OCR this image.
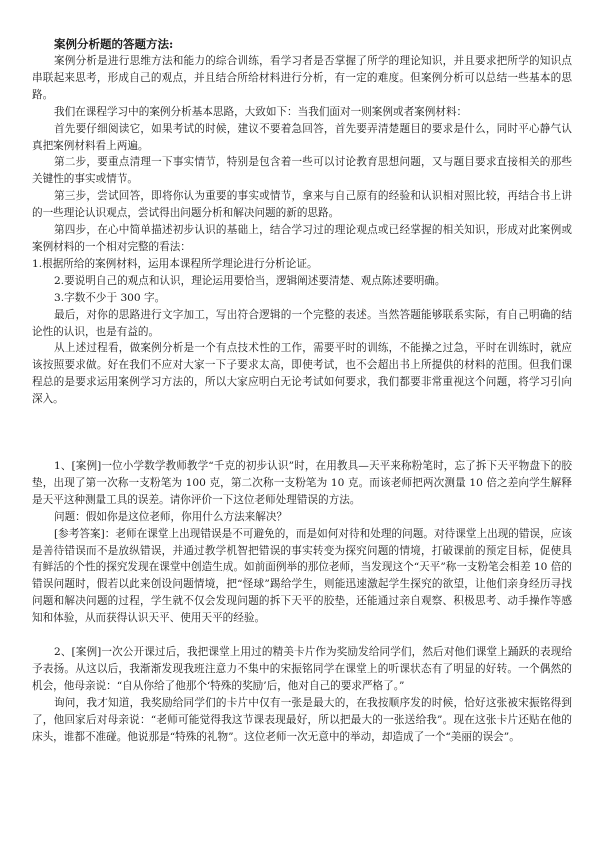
案例分析题的答题方法:

案例分析是进行思维方法和能力的综合训练，看学习者是否掌握了所学的理论知识，并且要求把所学的知识点串联起来思考，形成自己的观点，并且结合所给材料进行分析，有一定的难度。但案例分析可以总结一些基本的思路。

我们在课程学习中的案例分析基本思路，大致如下：当我们面对一则案例或者案例材料：

首先要仔细阅读它，如果考试的时候，建议不要着急回答，首先要弄清楚题目的要求是什么，同时平心静气认真把案例材料看上两遍。

第二步，要重点清理一下事实情节，特别是包含着一些可以讨论教育思想问题，又与题目要求直接相关的那些关键性的事实或情节。

第三步，尝试回答，即将你认为重要的事实或情节，拿来与自己原有的经验和认识相对照比较，再结合书上讲的一些理论认识观点，尝试得出问题分析和解决问题的新的思路。

第四步，在心中简单描述初步认识的基础上，结合学习过的理论观点或已经掌握的相关知识，形成对此案例或案例材料的一个相对完整的看法：

1.根据所给的案例材料，运用本课程所学理论进行分析论证。

2.要说明自己的观点和认识，理论运用要恰当，逻辑阐述要清楚、观点陈述要明确。

3.字数不少于 300 字。

最后，对你的思路进行文字加工，写出符合逻辑的一个完整的表述。当然答题能够联系实际，有自己明确的结论性的认识，也是有益的。

从上述过程看，做案例分析是一个有点技术性的工作，需要平时的训练，不能操之过急，平时在训练时，就应该按照要求做。好在我们不应对大家一下子要求太高，即使考试，也不会超出书上所提供的材料的范围。但我们课程总的是要求运用案例学习方法的，所以大家应明白无论考试如何要求，我们都要非常重视这个问题，将学习引向深入。

1、[案例]一位小学数学教师教学“千克的初步认识”时，在用教具—天平来称粉笔时，忘了拆下天平物盘下的胶垫，出现了第一次称一支粉笔为 100 克，第二次称一支粉笔为 10 克。而该老师把两次测量 10 倍之差向学生解释是天平这种测量工具的误差。请你评价一下这位老师处理错误的方法。

问题：假如你是这位老师，你用什么方法来解决？

[参考答案]：老师在课堂上出现错误是不可避免的，而是如何对待和处理的问题。对待课堂上出现的错误，应该是善待错误而不是放纵错误，并通过教学机智把错误的事实转变为探究问题的情境，打破课前的预定目标，促使具有鲜活的个性的探究发现在课堂中创造生成。如前面例举的那位老师，当发现这个“天平”称一支粉笔会相差 10 倍的错误问题时，假若以此来创设问题情境，把“怪球”踢给学生，则能迅速激起学生探究的欲望，让他们亲身经历寻找问题和解决问题的过程，学生就不仅会发现问题的拆下天平的胶垫，还能通过亲自观察、积极思考、动手操作等感知和体验，从而获得认识天平、使用天平的经验。

2、[案例]一次公开课过后，我把课堂上用过的精美卡片作为奖励发给同学们，然后对他们课堂上踊跃的表现给予表扬。从这以后，我渐渐发现我班注意力不集中的宋振铭同学在课堂上的听课状态有了明显的好转。一个偶然的机会，他母亲说：“自从你给了他那个‘特殊的奖励’后，他对自己的要求严格了。”

询问，我才知道，我奖励给同学们的卡片中仅有一张是最大的，在我按顺序发的时候，恰好这张被宋振铭得到了，他回家后对母亲说：“老师可能觉得我这节课表现最好，所以把最大的一张送给我”。现在这张卡片还贴在他的床头，谁都不准碰。他说那是“特殊的礼物”。这位老师一次无意中的举动，却造成了一个“美丽的误会”。
